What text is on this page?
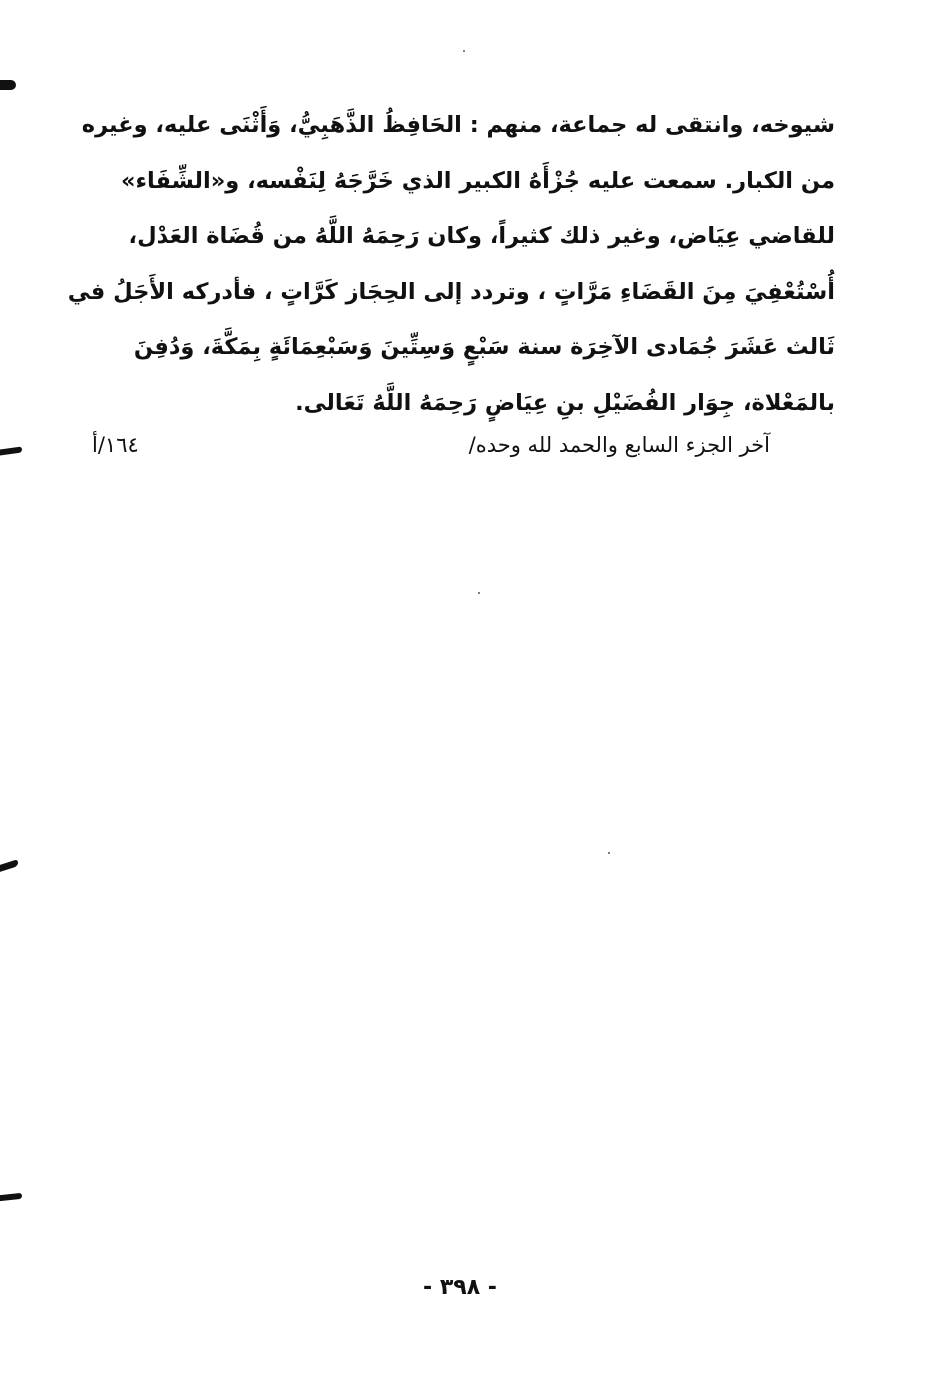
شيوخه، وانتقى له جماعة، منهم : الحَافِظُ الذَّهَبِيُّ، وَأَثْنَى عليه، وغيره
من الكبار. سمعت عليه جُزْأَهُ الكبير الذي خَرَّجَهُ لِنَفْسه، و«الشِّفَاء»
للقاضي عِيَاض، وغير ذلك كثيراً، وكان رَحِمَهُ اللَّهُ من قُضَاة العَدْل،
أُسْتُعْفِيَ مِنَ القَضَاءِ مَرَّاتٍ ، وتردد إلى الحِجَاز كَرَّاتٍ ، فأدركه الأَجَلُ في
ثَالث عَشَرَ جُمَادى الآخِرَة سنة سَبْعٍ وَسِتِّينَ وَسَبْعِمَائَةٍ بِمَكَّةَ، وَدُفِنَ
بالمَعْلاة، جِوَار الفُضَيْلِ بنِ عِيَاضٍ رَحِمَهُ اللَّهُ تَعَالى.
آخر الجزء السابع والحمد لله وحده/
١٦٤/أ
- ٣٩٨ -
